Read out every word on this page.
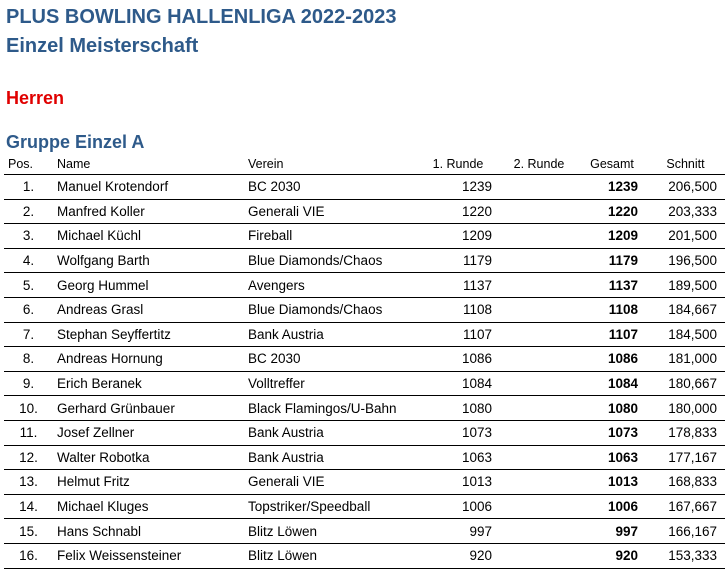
PLUS BOWLING HALLENLIGA 2022-2023
Einzel Meisterschaft
Herren
Gruppe Einzel A
Pos.	Name	Verein	1. Runde	2. Runde	Gesamt	Schnitt
1.	Manuel Krotendorf	BC 2030	1239		1239	206,500
2.	Manfred Koller	Generali VIE	1220		1220	203,333
3.	Michael Küchl	Fireball	1209		1209	201,500
4.	Wolfgang Barth	Blue Diamonds/Chaos	1179		1179	196,500
5.	Georg Hummel	Avengers	1137		1137	189,500
6.	Andreas Grasl	Blue Diamonds/Chaos	1108		1108	184,667
7.	Stephan Seyffertitz	Bank Austria	1107		1107	184,500
8.	Andreas Hornung	BC 2030	1086		1086	181,000
9.	Erich Beranek	Volltreffer	1084		1084	180,667
10.	Gerhard Grünbauer	Black Flamingos/U-Bahn	1080		1080	180,000
11.	Josef Zellner	Bank Austria	1073		1073	178,833
12.	Walter Robotka	Bank Austria	1063		1063	177,167
13.	Helmut Fritz	Generali VIE	1013		1013	168,833
14.	Michael Kluges	Topstriker/Speedball	1006		1006	167,667
15.	Hans Schnabl	Blitz Löwen	997		997	166,167
16.	Felix Weissensteiner	Blitz Löwen	920		920	153,333
